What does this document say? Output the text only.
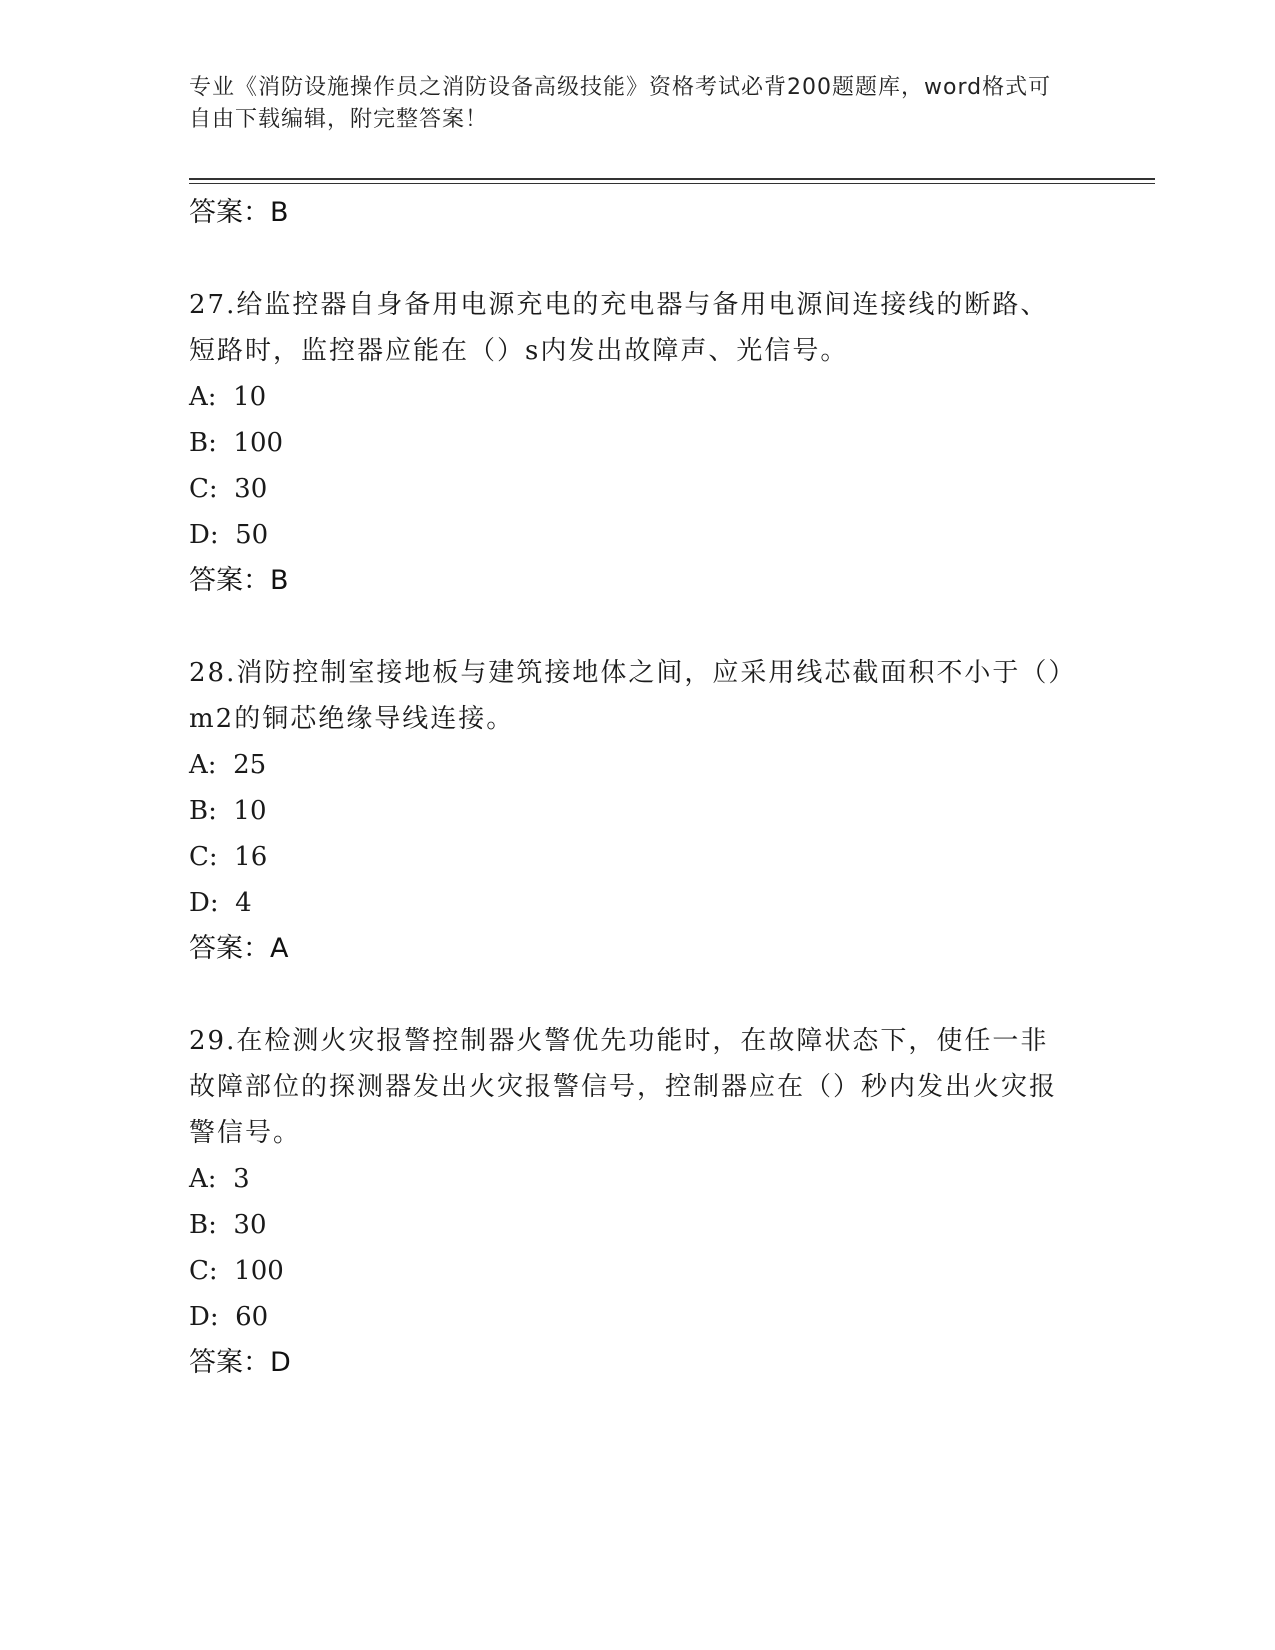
专业《消防设施操作员之消防设备高级技能》资格考试必背200题题库，word格式可自由下载编辑，附完整答案！
答案：B
27.给监控器自身备用电源充电的充电器与备用电源间连接线的断路、短路时，监控器应能在（）s内发出故障声、光信号。
A:  10
B:  100
C:  30
D:  50
答案：B
28.消防控制室接地板与建筑接地体之间，应采用线芯截面积不小于（）m2的铜芯绝缘导线连接。
A:  25
B:  10
C:  16
D:  4
答案：A
29.在检测火灾报警控制器火警优先功能时，在故障状态下，使任一非故障部位的探测器发出火灾报警信号，控制器应在（）秒内发出火灾报警信号。
A:  3
B:  30
C:  100
D:  60
答案：D
